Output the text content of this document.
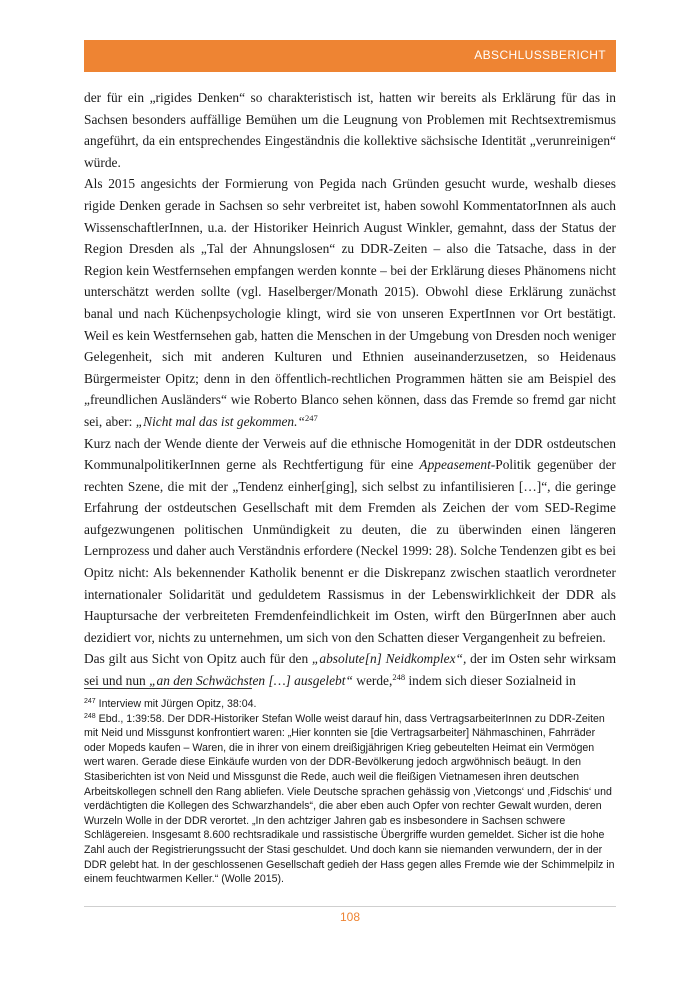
ABSCHLUSSBERICHT

der für ein „rigides Denken“ so charakteristisch ist, hatten wir bereits als Erklärung für das in Sachsen besonders auffällige Bemühen um die Leugnung von Problemen mit Rechtsextremismus angeführt, da ein entsprechendes Eingeständnis die kollektive sächsische Identität „verunreinigen“ würde.

Als 2015 angesichts der Formierung von Pegida nach Gründen gesucht wurde, weshalb dieses rigide Denken gerade in Sachsen so sehr verbreitet ist, haben sowohl KommentatorInnen als auch WissenschaftlerInnen, u.a. der Historiker Heinrich August Winkler, gemahnt, dass der Status der Region Dresden als „Tal der Ahnungslosen“ zu DDR-Zeiten – also die Tatsache, dass in der Region kein Westfernsehen empfangen werden konnte – bei der Erklärung dieses Phänomens nicht unterschätzt werden sollte (vgl. Haselberger/Monath 2015). Obwohl diese Erklärung zunächst banal und nach Küchenpsychologie klingt, wird sie von unseren ExpertInnen vor Ort bestätigt. Weil es kein Westfernsehen gab, hatten die Menschen in der Umgebung von Dresden noch weniger Gelegenheit, sich mit anderen Kulturen und Ethnien auseinanderzusetzen, so Heidenaus Bürgermeister Opitz; denn in den öffentlich-rechtlichen Programmen hätten sie am Beispiel des „freundlichen Ausländers“ wie Roberto Blanco sehen können, dass das Fremde so fremd gar nicht sei, aber: „Nicht mal das ist gekommen.“$^{247}$

Kurz nach der Wende diente der Verweis auf die ethnische Homogenität in der DDR ostdeutschen KommunalpolitikerInnen gerne als Rechtfertigung für eine Appeasement-Politik gegenüber der rechten Szene, die mit der „Tendenz einher[ging], sich selbst zu infantilisieren […]“, die geringe Erfahrung der ostdeutschen Gesellschaft mit dem Fremden als Zeichen der vom SED-Regime aufgezwungenen politischen Unmündigkeit zu deuten, die zu überwinden einen längeren Lernprozess und daher auch Verständnis erfordere (Neckel 1999: 28). Solche Tendenzen gibt es bei Opitz nicht: Als bekennender Katholik benennt er die Diskrepanz zwischen staatlich verordneter internationaler Solidarität und geduldetem Rassismus in der Lebenswirklichkeit der DDR als Hauptursache der verbreiteten Fremdenfeindlichkeit im Osten, wirft den BürgerInnen aber auch dezidiert vor, nichts zu unternehmen, um sich von den Schatten dieser Vergangenheit zu befreien.

Das gilt aus Sicht von Opitz auch für den „absolute[n] Neidkomplex“, der im Osten sehr wirksam sei und nun „an den Schwächsten […] ausgelebt“ werde,$^{248}$ indem sich dieser Sozialneid in

$^{247}$ Interview mit Jürgen Opitz, 38:04.

$^{248}$ Ebd., 1:39:58. Der DDR-Historiker Stefan Wolle weist darauf hin, dass VertragsarbeiterInnen zu DDR-Zeiten mit Neid und Missgunst konfrontiert waren: „Hier konnten sie [die Vertragsarbeiter] Nähmaschinen, Fahrräder oder Mopeds kaufen – Waren, die in ihrer von einem dreißigjährigen Krieg gebeutelten Heimat ein Vermögen wert waren. Gerade diese Einkäufe wurden von der DDR-Bevölkerung jedoch argwöhnisch beäugt. In den Stasiberichten ist von Neid und Missgunst die Rede, auch weil die fleißigen Vietnamesen ihren deutschen Arbeitskollegen schnell den Rang abliefen. Viele Deutsche sprachen gehässig von ‚Vietcongs‘ und ‚Fidschis‘ und verdächtigten die Kollegen des Schwarzhandels“, die aber eben auch Opfer von rechter Gewalt wurden, deren Wurzeln Wolle in der DDR verortet. „In den achtziger Jahren gab es insbesondere in Sachsen schwere Schlägereien. Insgesamt 8.600 rechtsradikale und rassistische Übergriffe wurden gemeldet. Sicher ist die hohe Zahl auch der Registrierungssucht der Stasi geschuldet. Und doch kann sie niemanden verwundern, der in der DDR gelebt hat. In der geschlossenen Gesellschaft gedieh der Hass gegen alles Fremde wie der Schimmelpilz in einem feuchtwarmen Keller.“ (Wolle 2015).

108
